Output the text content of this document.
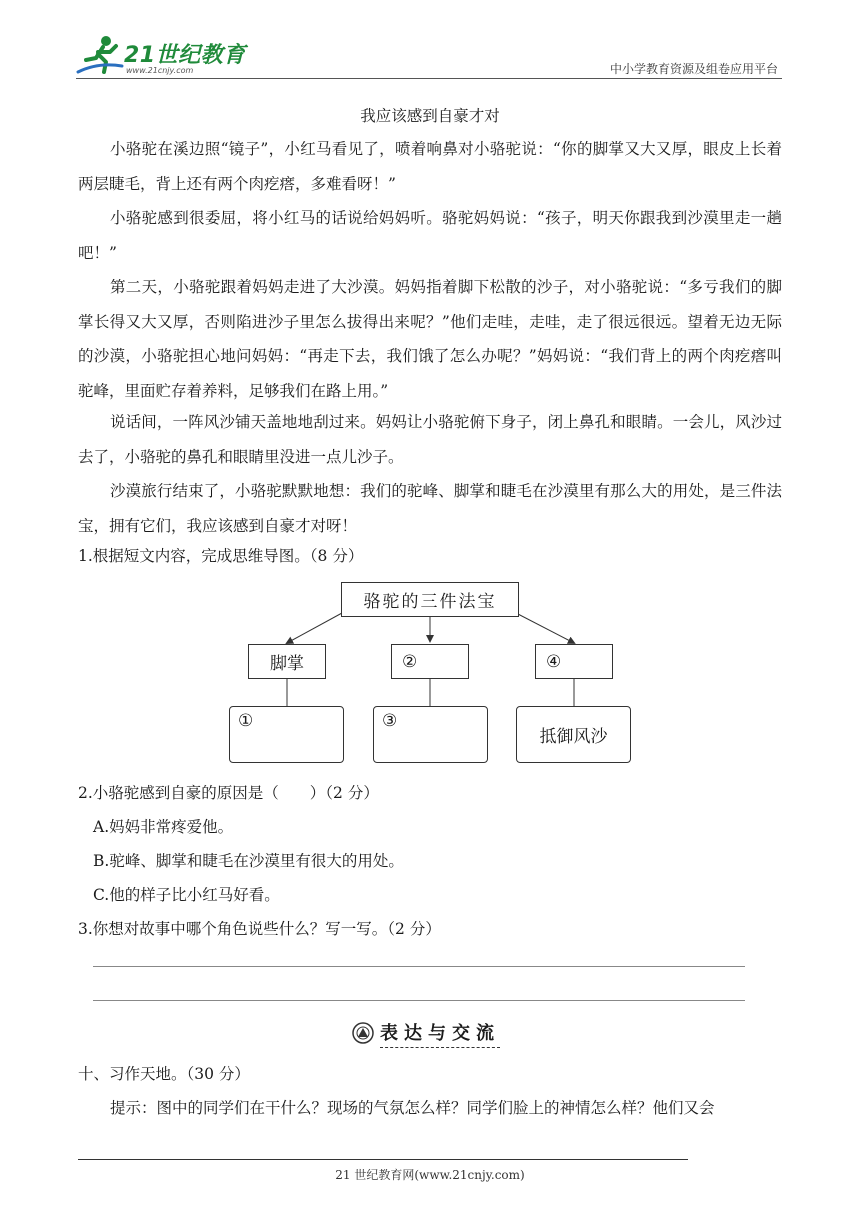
21世纪教育
www.21cnjy.com	中小学教育资源及组卷应用平台
我应该感到自豪才对
小骆驼在溪边照“镜子”，小红马看见了，喷着响鼻对小骆驼说：“你的脚掌又大又厚，眼皮上长着两层睫毛，背上还有两个肉疙瘩，多难看呀！”
小骆驼感到很委屈，将小红马的话说给妈妈听。骆驼妈妈说：“孩子，明天你跟我到沙漠里走一趟吧！”
第二天，小骆驼跟着妈妈走进了大沙漠。妈妈指着脚下松散的沙子，对小骆驼说：“多亏我们的脚掌长得又大又厚，否则陷进沙子里怎么拔得出来呢？”他们走哇，走哇，走了很远很远。望着无边无际的沙漠，小骆驼担心地问妈妈：“再走下去，我们饿了怎么办呢？”妈妈说：“我们背上的两个肉疙瘩叫驼峰，里面贮存着养料，足够我们在路上用。”
说话间，一阵风沙铺天盖地地刮过来。妈妈让小骆驼俯下身子，闭上鼻孔和眼睛。一会儿，风沙过去了，小骆驼的鼻孔和眼睛里没进一点儿沙子。
沙漠旅行结束了，小骆驼默默地想：我们的驼峰、脚掌和睫毛在沙漠里有那么大的用处，是三件法宝，拥有它们，我应该感到自豪才对呀！
1.根据短文内容，完成思维导图。（8 分）
骆驼的三件法宝
脚掌	②	④
①	③
抵御风沙
2.小骆驼感到自豪的原因是（　　）（2 分）
A.妈妈非常疼爱他。
B.驼峰、脚掌和睫毛在沙漠里有很大的用处。
C.他的样子比小红马好看。
3.你想对故事中哪个角色说些什么？写一写。（2 分）
表达与交流
十、习作天地。（30 分）
提示：图中的同学们在干什么？现场的气氛怎么样？同学们脸上的神情怎么样？他们又会
21 世纪教育网(www.21cnjy.com)
